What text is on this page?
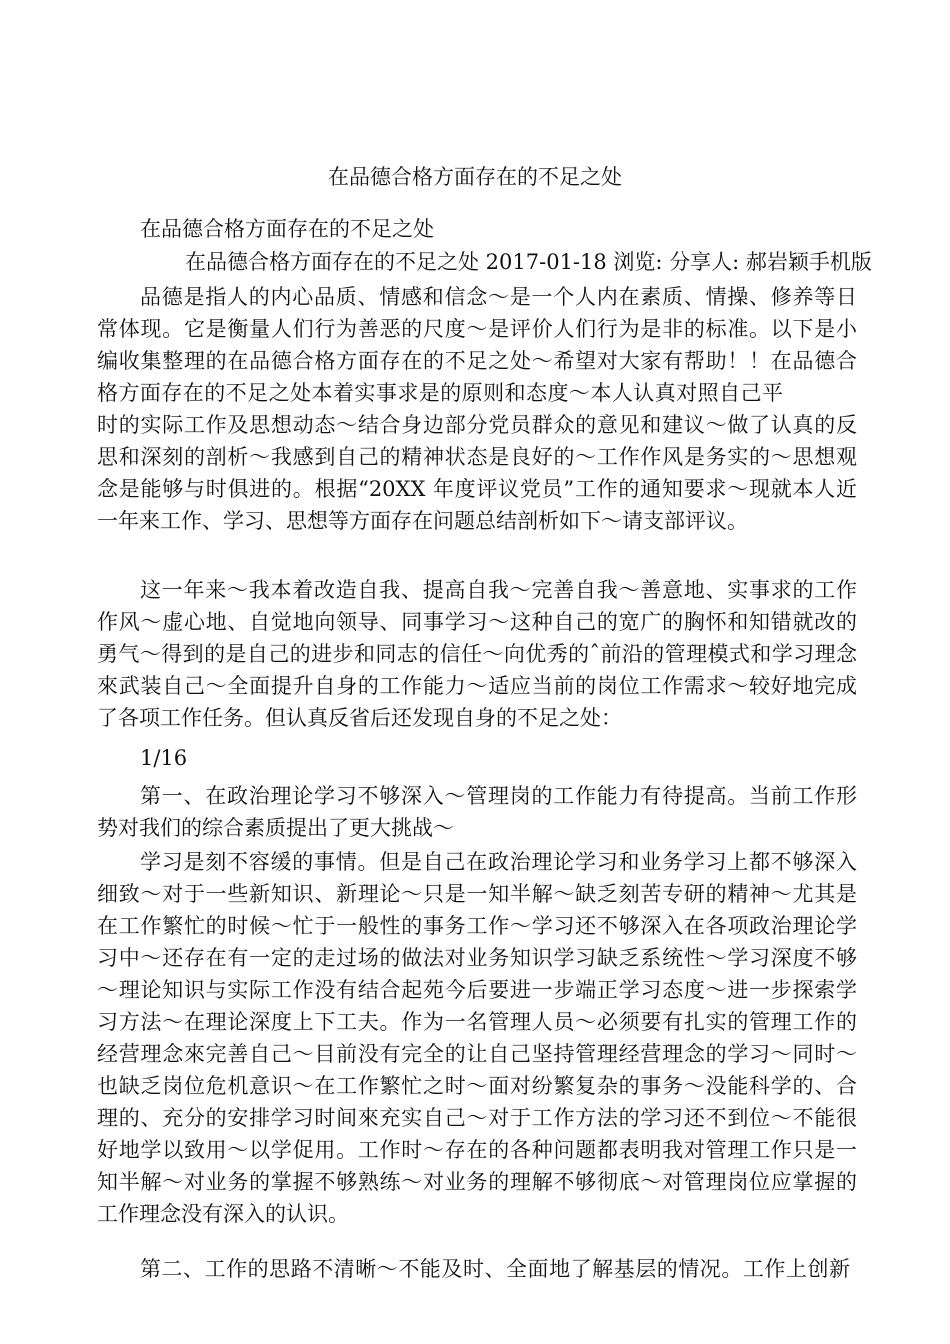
在品德合格方面存在的不足之处
在品德合格方面存在的不足之处
在品德合格方面存在的不足之处 2017-01-18 浏览: 分享人: 郝岩颖手机版
品德是指人的内心品质、情感和信念～是一个人内在素质、情操、修养等日
常体现。它是衡量人们行为善恶的尺度～是评价人们行为是非的标准。以下是小
编收集整理的在品德合格方面存在的不足之处～希望对大家有帮助！！在品德合
格方面存在的不足之处本着实事求是的原则和态度～本人认真对照自己平
时的实际工作及思想动态～结合身边部分党员群众的意见和建议～做了认真的反
思和深刻的剖析～我感到自己的精神状态是良好的～工作作风是务实的～思想观
念是能够与时俱进的。根据“20XX 年度评议党员”工作的通知要求～现就本人近
一年来工作、学习、思想等方面存在问题总结剖析如下～请支部评议。
这一年来～我本着改造自我、提高自我～完善自我～善意地、实事求的工作
作风～虚心地、自觉地向领导、同事学习～这种自己的宽广的胸怀和知错就改的
勇气～得到的是自己的进步和同志的信任～向优秀的ˆ前沿的管理模式和学习理念
來武装自己～全面提升自身的工作能力～适应当前的岗位工作需求～较好地完成
了各项工作任务。但认真反省后还发现自身的不足之处：
1/16
第一、在政治理论学习不够深入～管理岗的工作能力有待提高。当前工作形
势对我们的综合素质提出了更大挑战～
学习是刻不容缓的事情。但是自己在政治理论学习和业务学习上都不够深入
细致～对于一些新知识、新理论～只是一知半解～缺乏刻苦专研的精神～尤其是
在工作繁忙的时候～忙于一般性的事务工作～学习还不够深入在各项政治理论学
习中～还存在有一定的走过场的做法对业务知识学习缺乏系统性～学习深度不够
～理论知识与实际工作没有结合起苑今后要进一步端正学习态度～进一步探索学
习方法～在理论深度上下工夫。作为一名管理人员～必须要有扎实的管理工作的
经营理念來完善自己～目前没有完全的让自己坚持管理经营理念的学习～同时～
也缺乏岗位危机意识～在工作繁忙之时～面对纷繁复杂的事务～没能科学的、合
理的、充分的安排学习时间來充实自己～对于工作方法的学习还不到位～不能很
好地学以致用～以学促用。工作时～存在的各种问题都表明我对管理工作只是一
知半解～对业务的掌握不够熟练～对业务的理解不够彻底～对管理岗位应掌握的
工作理念没有深入的认识。
第二、工作的思路不清晰～不能及时、全面地了解基层的情况。工作上创新
